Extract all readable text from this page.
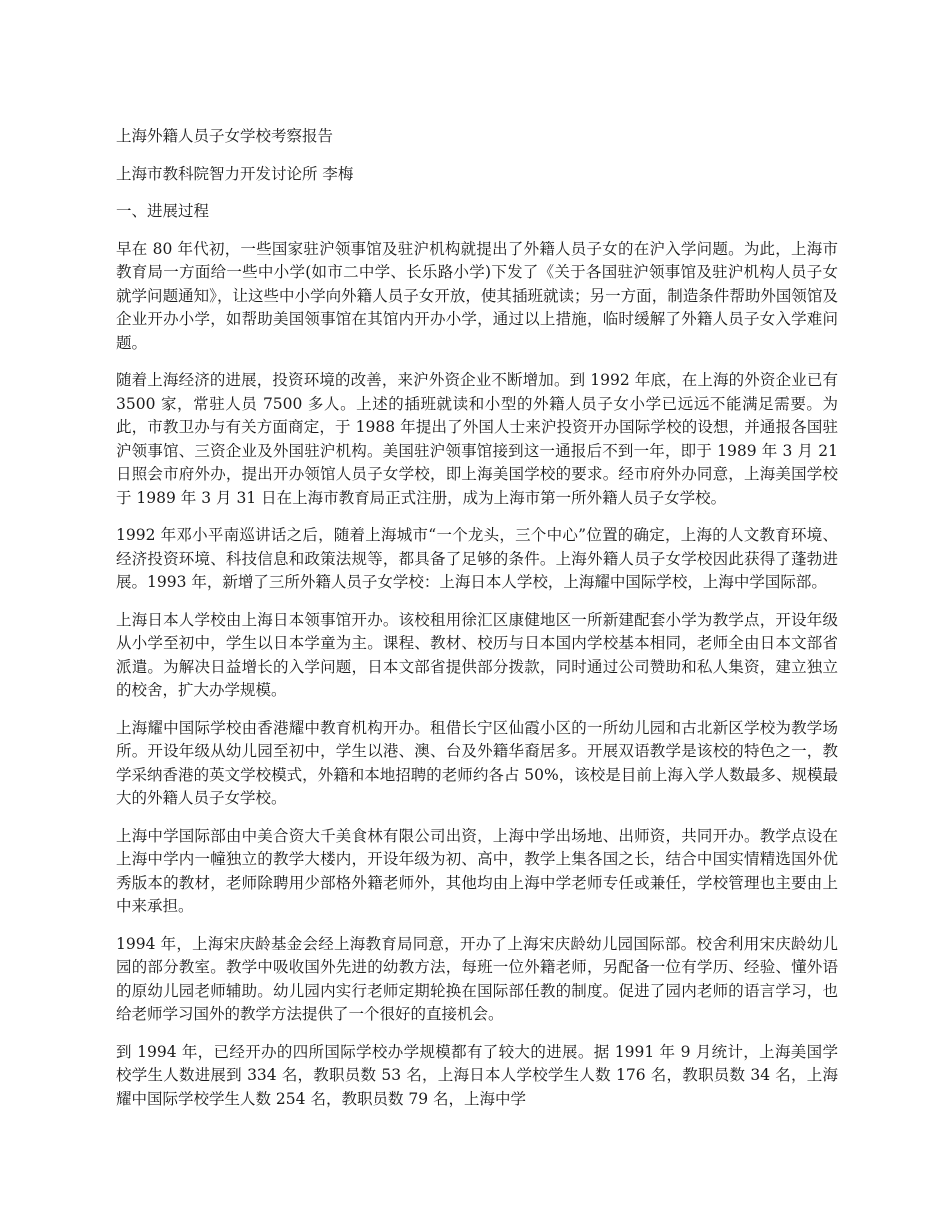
上海外籍人员子女学校考察报告

上海市教科院智力开发讨论所 李梅

一、进展过程

早在 80 年代初，一些国家驻沪领事馆及驻沪机构就提出了外籍人员子女的在沪入学问题。为此，上海市教育局一方面给一些中小学(如市二中学、长乐路小学)下发了《关于各国驻沪领事馆及驻沪机构人员子女就学问题通知》，让这些中小学向外籍人员子女开放，使其插班就读；另一方面，制造条件帮助外国领馆及企业开办小学，如帮助美国领事馆在其馆内开办小学，通过以上措施，临时缓解了外籍人员子女入学难问题。

随着上海经济的进展，投资环境的改善，来沪外资企业不断增加。到 1992 年底，在上海的外资企业已有 3500 家，常驻人员 7500 多人。上述的插班就读和小型的外籍人员子女小学已远远不能满足需要。为此，市教卫办与有关方面商定，于 1988 年提出了外国人士来沪投资开办国际学校的设想，并通报各国驻沪领事馆、三资企业及外国驻沪机构。美国驻沪领事馆接到这一通报后不到一年，即于 1989 年 3 月 21 日照会市府外办，提出开办领馆人员子女学校，即上海美国学校的要求。经市府外办同意，上海美国学校于 1989 年 3 月 31 日在上海市教育局正式注册，成为上海市第一所外籍人员子女学校。

1992 年邓小平南巡讲话之后，随着上海城市“一个龙头，三个中心”位置的确定，上海的人文教育环境、经济投资环境、科技信息和政策法规等，都具备了足够的条件。上海外籍人员子女学校因此获得了蓬勃进展。1993 年，新增了三所外籍人员子女学校：上海日本人学校，上海耀中国际学校，上海中学国际部。

上海日本人学校由上海日本领事馆开办。该校租用徐汇区康健地区一所新建配套小学为教学点，开设年级从小学至初中，学生以日本学童为主。课程、教材、校历与日本国内学校基本相同，老师全由日本文部省派遣。为解决日益增长的入学问题，日本文部省提供部分拨款，同时通过公司赞助和私人集资，建立独立的校舍，扩大办学规模。

上海耀中国际学校由香港耀中教育机构开办。租借长宁区仙霞小区的一所幼儿园和古北新区学校为教学场所。开设年级从幼儿园至初中，学生以港、澳、台及外籍华裔居多。开展双语教学是该校的特色之一，教学采纳香港的英文学校模式，外籍和本地招聘的老师约各占 50%，该校是目前上海入学人数最多、规模最大的外籍人员子女学校。

上海中学国际部由中美合资大千美食林有限公司出资，上海中学出场地、出师资，共同开办。教学点设在上海中学内一幢独立的教学大楼内，开设年级为初、高中，教学上集各国之长，结合中国实情精选国外优秀版本的教材，老师除聘用少部格外籍老师外，其他均由上海中学老师专任或兼任，学校管理也主要由上中来承担。

1994 年，上海宋庆龄基金会经上海教育局同意，开办了上海宋庆龄幼儿园国际部。校舍利用宋庆龄幼儿园的部分教室。教学中吸收国外先进的幼教方法，每班一位外籍老师，另配备一位有学历、经验、懂外语的原幼儿园老师辅助。幼儿园内实行老师定期轮换在国际部任教的制度。促进了园内老师的语言学习，也给老师学习国外的教学方法提供了一个很好的直接机会。

到 1994 年，已经开办的四所国际学校办学规模都有了较大的进展。据 1991 年 9 月统计，上海美国学校学生人数进展到 334 名，教职员数 53 名，上海日本人学校学生人数 176 名，教职员数 34 名，上海耀中国际学校学生人数 254 名，教职员数 79 名，上海中学
